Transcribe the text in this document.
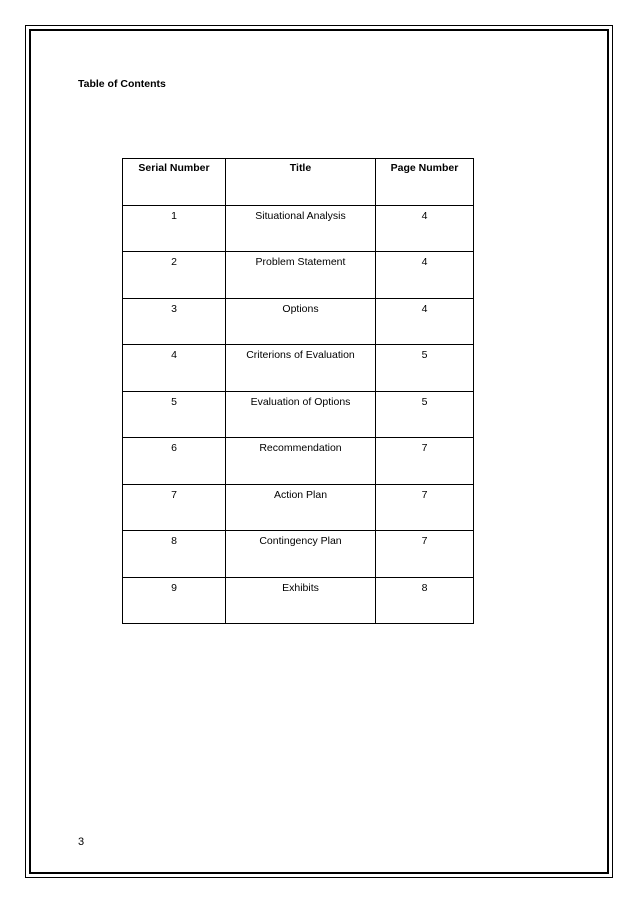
Table of Contents
Serial Number	Title	Page Number
1	Situational Analysis	4
2	Problem Statement	4
3	Options	4
4	Criterions of Evaluation	5
5	Evaluation of Options	5
6	Recommendation	7
7	Action Plan	7
8	Contingency Plan	7
9	Exhibits	8
3
